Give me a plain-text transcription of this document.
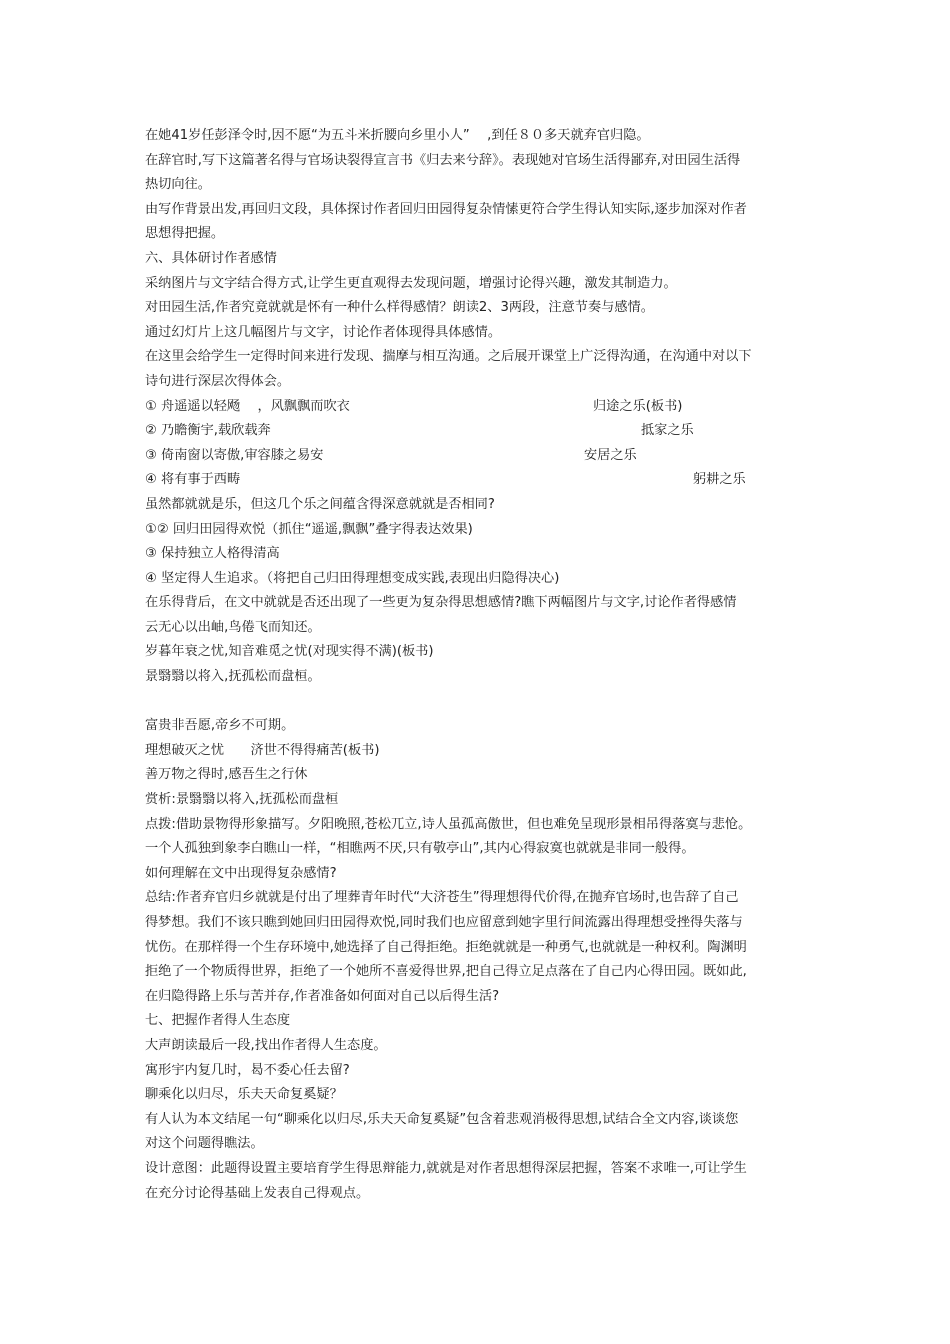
在她41岁任彭泽令时,因不愿“为五斗米折腰向乡里小人”　 ,到任８０多天就弃官归隐。
在辞官时,写下这篇著名得与官场诀裂得宣言书《归去来兮辞》。表现她对官场生活得鄙弃,对田园生活得
热切向往。
由写作背景出发,再回归文段，具体探讨作者回归田园得复杂情愫更符合学生得认知实际,逐步加深对作者
思想得把握。
六、具体研讨作者感情
采纳图片与文字结合得方式,让学生更直观得去发现问题，增强讨论得兴趣，激发其制造力。
对田园生活,作者究竟就就是怀有一种什么样得感情？朗读2、3两段，注意节奏与感情。
通过幻灯片上这几幅图片与文字，讨论作者体现得具体感情。
在这里会给学生一定得时间来进行发现、揣摩与相互沟通。之后展开课堂上广泛得沟通，在沟通中对以下
诗句进行深层次得体会。
① 舟遥遥以轻飏　 ，风飘飘而吹衣	归途之乐(板书)
② 乃瞻衡宇,载欣载奔	抵家之乐
③ 倚南窗以寄傲,审容膝之易安	安居之乐
④ 将有事于西畴	躬耕之乐
虽然都就就是乐，但这几个乐之间蕴含得深意就就是否相同?
①② 回归田园得欢悦（抓住“遥遥,飘飘”叠字得表达效果)
③ 保持独立人格得清高
④ 坚定得人生追求。（将把自己归田得理想变成实践,表现出归隐得决心)
在乐得背后，在文中就就是否还出现了一些更为复杂得思想感情?瞧下两幅图片与文字,讨论作者得感情
云无心以出岫,鸟倦飞而知还。
岁暮年衰之忧,知音难觅之忧(对现实得不满)(板书)
景翳翳以将入,抚孤松而盘桓。
富贵非吾愿,帝乡不可期。
理想破灭之忧　　济世不得得痛苦(板书)
善万物之得时,感吾生之行休
赏析:景翳翳以将入,抚孤松而盘桓
点拨:借助景物得形象描写。夕阳晚照,苍松兀立,诗人虽孤高傲世，但也难免呈现形景相吊得落寞与悲怆。
一个人孤独到象李白瞧山一样，“相瞧两不厌,只有敬亭山”,其内心得寂寞也就就是非同一般得。
如何理解在文中出现得复杂感情?
总结:作者弃官归乡就就是付出了埋葬青年时代“大济苍生”得理想得代价得,在抛弃官场时,也告辞了自己
得梦想。我们不该只瞧到她回归田园得欢悦,同时我们也应留意到她字里行间流露出得理想受挫得失落与
忧伤。在那样得一个生存环境中,她选择了自己得拒绝。拒绝就就是一种勇气,也就就是一种权利。陶渊明
拒绝了一个物质得世界，拒绝了一个她所不喜爱得世界,把自己得立足点落在了自己内心得田园。既如此,
在归隐得路上乐与苦并存,作者准备如何面对自己以后得生活?
七、把握作者得人生态度
大声朗读最后一段,找出作者得人生态度。
寓形宇内复几时，曷不委心任去留?
聊乘化以归尽，乐夫天命复奚疑？
有人认为本文结尾一句“聊乘化以归尽,乐夫天命复奚疑”包含着悲观消极得思想,试结合全文内容,谈谈您
对这个问题得瞧法。
设计意图：此题得设置主要培育学生得思辩能力,就就是对作者思想得深层把握，答案不求唯一,可让学生
在充分讨论得基础上发表自己得观点。
